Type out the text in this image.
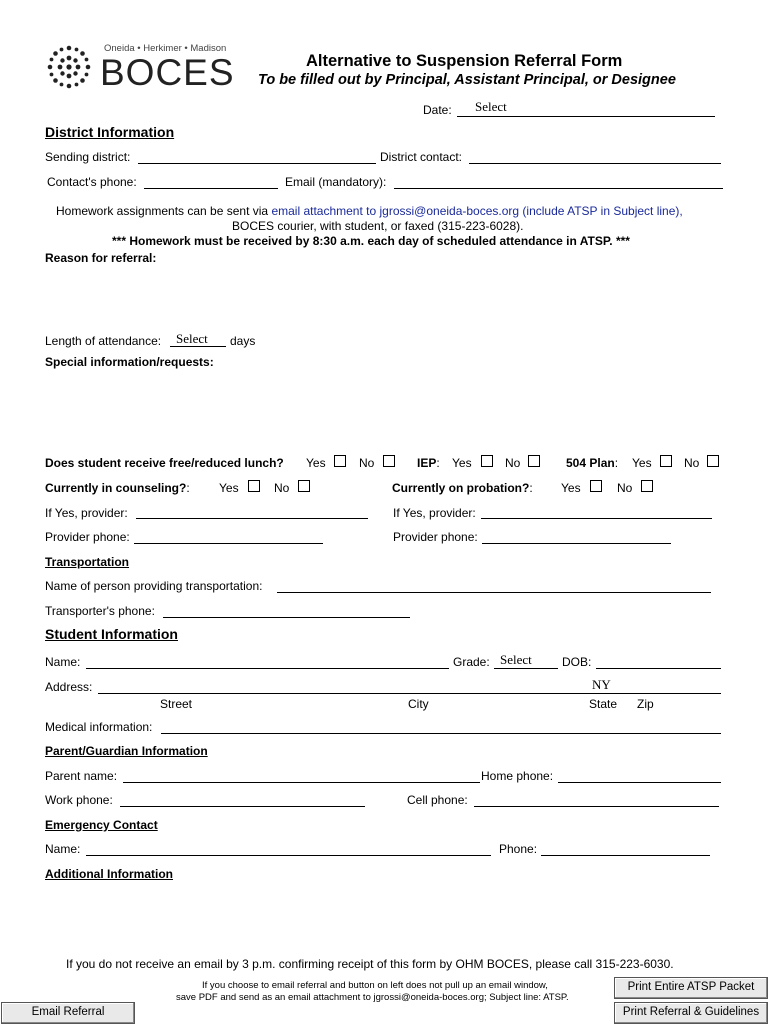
Oneida • Herkimer • Madison
BOCES	Alternative to Suspension Referral Form
To be filled out by Principal, Assistant Principal, or Designee
Date: Select
District Information
Sending district:	District contact:
Contact's phone:	Email (mandatory):
Homework assignments can be sent via email attachment to jgrossi@oneida-boces.org (include ATSP in Subject line),
BOCES courier, with student, or faxed (315-223-6028).
*** Homework must be received by 8:30 a.m. each day of scheduled attendance in ATSP. ***
Reason for referral:
Length of attendance: Select days
Special information/requests:
Does student receive free/reduced lunch? Yes	No	IEP: Yes	No	504 Plan: Yes	No
Currently in counseling?: Yes	No	Currently on probation?: Yes	No
If Yes, provider:	If Yes, provider:
Provider phone:	Provider phone:
Transportation
Name of person providing transportation:
Transporter's phone:
Student Information
Name:	Grade: Select	DOB:
Address:	NY
Street	City	State Zip
Medical information:
Parent/Guardian Information
Parent name:	Home phone:
Work phone:	Cell phone:
Emergency Contact
Name:	Phone:
Additional Information
If you do not receive an email by 3 p.m. confirming receipt of this form by OHM BOCES, please call 315-223-6030.
If you choose to email referral and button on left does not pull up an email window,
save PDF and send as an email attachment to jgrossi@oneida-boces.org; Subject line: ATSP.
Email Referral
Print Entire ATSP Packet
Print Referral & Guidelines
